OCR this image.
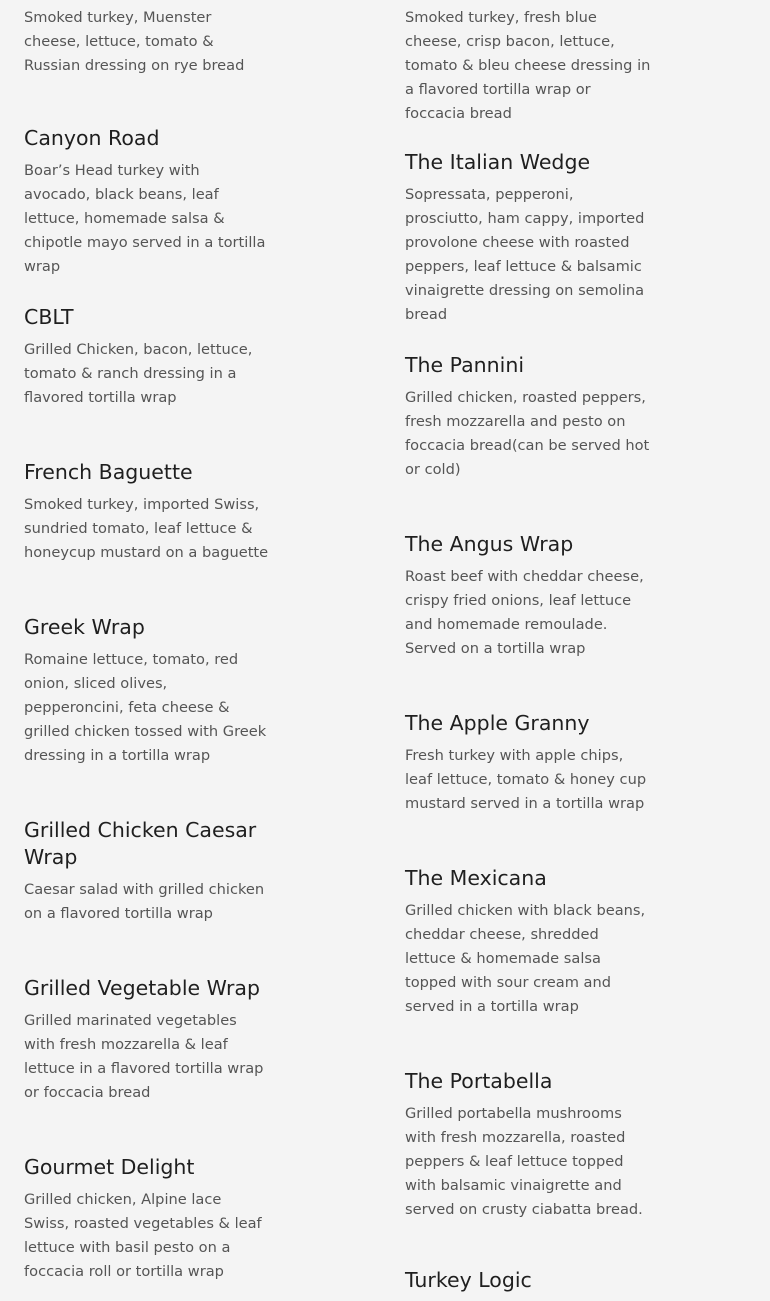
Smoked turkey, Muenster cheese, lettuce, tomato & Russian dressing on rye bread

Canyon Road

Boar’s Head turkey with avocado, black beans, leaf lettuce, homemade salsa & chipotle mayo served in a tortilla wrap

CBLT

Grilled Chicken, bacon, lettuce, tomato & ranch dressing in a flavored tortilla wrap

French Baguette

Smoked turkey, imported Swiss, sundried tomato, leaf lettuce & honeycup mustard on a baguette

Greek Wrap

Romaine lettuce, tomato, red onion, sliced olives, pepperoncini, feta cheese & grilled chicken tossed with Greek dressing in a tortilla wrap

Grilled Chicken Caesar Wrap

Caesar salad with grilled chicken on a flavored tortilla wrap

Grilled Vegetable Wrap

Grilled marinated vegetables with fresh mozzarella & leaf lettuce in a flavored tortilla wrap or foccacia bread

Gourmet Delight

Grilled chicken, Alpine lace Swiss, roasted vegetables & leaf lettuce with basil pesto on a foccacia roll or tortilla wrap

Smoked turkey, fresh blue cheese, crisp bacon, lettuce, tomato & bleu cheese dressing in a flavored tortilla wrap or foccacia bread

The Italian Wedge

Sopressata, pepperoni, prosciutto, ham cappy, imported provolone cheese with roasted peppers, leaf lettuce & balsamic vinaigrette dressing on semolina bread

The Pannini

Grilled chicken, roasted peppers, fresh mozzarella and pesto on foccacia bread(can be served hot or cold)

The Angus Wrap

Roast beef with cheddar cheese, crispy fried onions, leaf lettuce and homemade remoulade. Served on a tortilla wrap

The Apple Granny

Fresh turkey with apple chips, leaf lettuce, tomato & honey cup mustard served in a tortilla wrap

The Mexicana

Grilled chicken with black beans, cheddar cheese, shredded lettuce & homemade salsa topped with sour cream and served in a tortilla wrap

The Portabella

Grilled portabella mushrooms with fresh mozzarella, roasted peppers & leaf lettuce topped with balsamic vinaigrette and served on crusty ciabatta bread.

Turkey Logic
